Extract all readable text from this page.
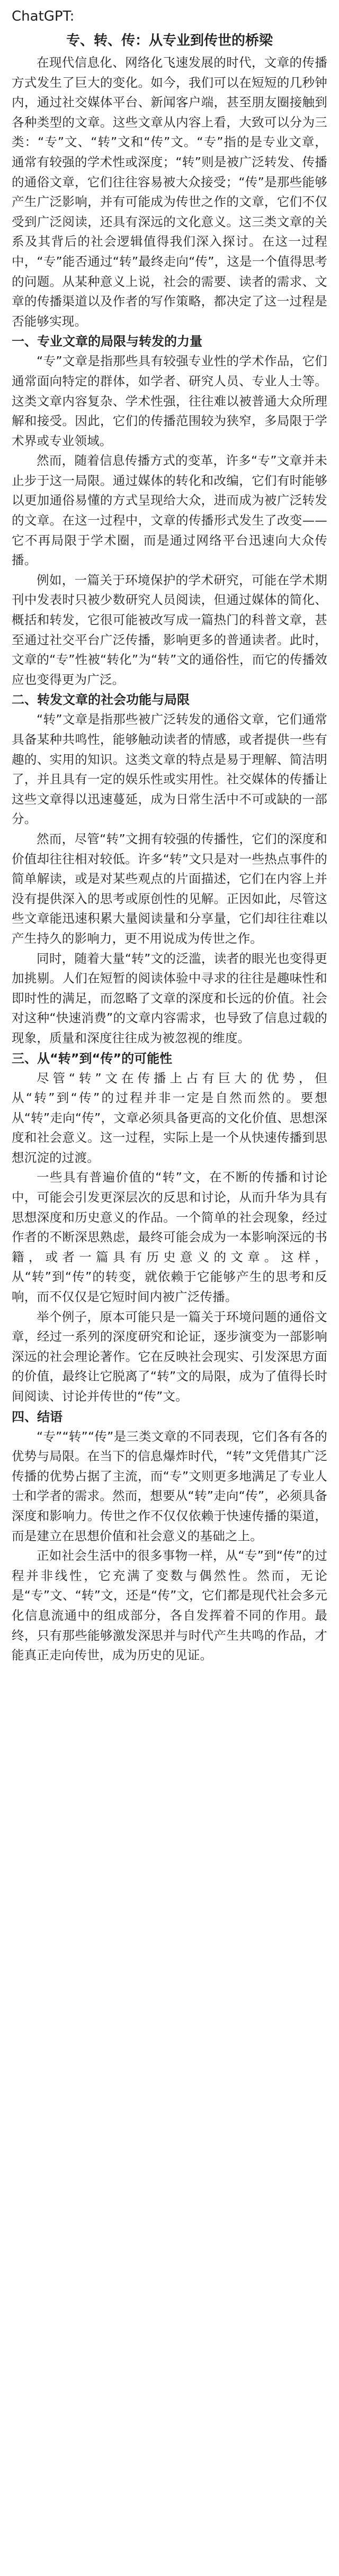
ChatGPT:
专、转、传：从专业到传世的桥梁

在现代信息化、网络化飞速发展的时代，文章的传播方式发生了巨大的变化。如今，我们可以在短短的几秒钟内，通过社交媒体平台、新闻客户端，甚至朋友圈接触到各种类型的文章。这些文章从内容上看，大致可以分为三类：“专”文、“转”文和“传”文。“专”指的是专业文章，通常有较强的学术性或深度；“转”则是被广泛转发、传播的通俗文章，它们往往容易被大众接受；“传”是那些能够产生广泛影响，并有可能成为传世之作的文章，它们不仅受到广泛阅读，还具有深远的文化意义。这三类文章的关系及其背后的社会逻辑值得我们深入探讨。在这一过程中，“专”能否通过“转”最终走向“传”，这是一个值得思考的问题。从某种意义上说，社会的需要、读者的需求、文章的传播渠道以及作者的写作策略，都决定了这一过程是否能够实现。

一、专业文章的局限与转发的力量

“专”文章是指那些具有较强专业性的学术作品，它们通常面向特定的群体，如学者、研究人员、专业人士等。这类文章内容复杂、学术性强，往往难以被普通大众所理解和接受。因此，它们的传播范围较为狭窄，多局限于学术界或专业领域。

然而，随着信息传播方式的变革，许多“专”文章并未止步于这一局限。通过媒体的转化和改编，它们有时能够以更加通俗易懂的方式呈现给大众，进而成为被广泛转发的文章。在这一过程中，文章的传播形式发生了改变——它不再局限于学术圈，而是通过网络平台迅速向大众传播。

例如，一篇关于环境保护的学术研究，可能在学术期刊中发表时只被少数研究人员阅读，但通过媒体的简化、概括和转发，它很可能被改写成一篇热门的科普文章，甚至通过社交平台广泛传播，影响更多的普通读者。此时，文章的“专”性被“转化”为“转”文的通俗性，而它的传播效应也变得更为广泛。

二、转发文章的社会功能与局限

“转”文章是指那些被广泛转发的通俗文章，它们通常具备某种共鸣性，能够触动读者的情感，或者提供一些有趣的、实用的知识。这类文章的特点是易于理解、简洁明了，并且具有一定的娱乐性或实用性。社交媒体的传播让这些文章得以迅速蔓延，成为日常生活中不可或缺的一部分。

然而，尽管“转”文拥有较强的传播性，它们的深度和价值却往往相对较低。许多“转”文只是对一些热点事件的简单解读，或是对某些观点的片面描述，它们在内容上并没有提供深入的思考或原创性的见解。正因如此，尽管这些文章能迅速积累大量阅读量和分享量，它们却往往难以产生持久的影响力，更不用说成为传世之作。

同时，随着大量“转”文的泛滥，读者的眼光也变得更加挑剔。人们在短暂的阅读体验中寻求的往往是趣味性和即时性的满足，而忽略了文章的深度和长远的价值。社会对这种“快速消费”的文章内容需求，也导致了信息过载的现象，质量和深度往往成为被忽视的维度。

三、从“转”到“传”的可能性

尽管“转”文在传播上占有巨大的优势，但从“转”到“传”的过程并非一定是自然而然的。要想从“转”走向“传”，文章必须具备更高的文化价值、思想深度和社会意义。这一过程，实际上是一个从快速传播到思想沉淀的过渡。

一些具有普遍价值的“转”文，在不断的传播和讨论中，可能会引发更深层次的反思和讨论，从而升华为具有思想深度和历史意义的作品。一个简单的社会现象，经过作者的不断深思熟虑，最终可能会成为一本影响深远的书籍，或者一篇具有历史意义的文章。这样，从“转”到“传”的转变，就依赖于它能够产生的思考和反响，而不仅仅是它短时间内被广泛传播。

举个例子，原本可能只是一篇关于环境问题的通俗文章，经过一系列的深度研究和论证，逐步演变为一部影响深远的社会理论著作。它在反映社会现实、引发深思方面的价值，最终让它脱离了“转”文的局限，成为了值得长时间阅读、讨论并传世的“传”文。

四、结语

“专”“转”“传”是三类文章的不同表现，它们各有各的优势与局限。在当下的信息爆炸时代，“转”文凭借其广泛传播的优势占据了主流，而“专”文则更多地满足了专业人士和学者的需求。然而，想要从“转”走向“传”，必须具备深度和影响力。传世之作不仅仅依赖于快速传播的渠道，而是建立在思想价值和社会意义的基础之上。

正如社会生活中的很多事物一样，从“专”到“传”的过程并非线性，它充满了变数与偶然性。然而，无论是“专”文、“转”文，还是“传”文，它们都是现代社会多元化信息流通中的组成部分，各自发挥着不同的作用。最终，只有那些能够激发深思并与时代产生共鸣的作品，才能真正走向传世，成为历史的见证。
